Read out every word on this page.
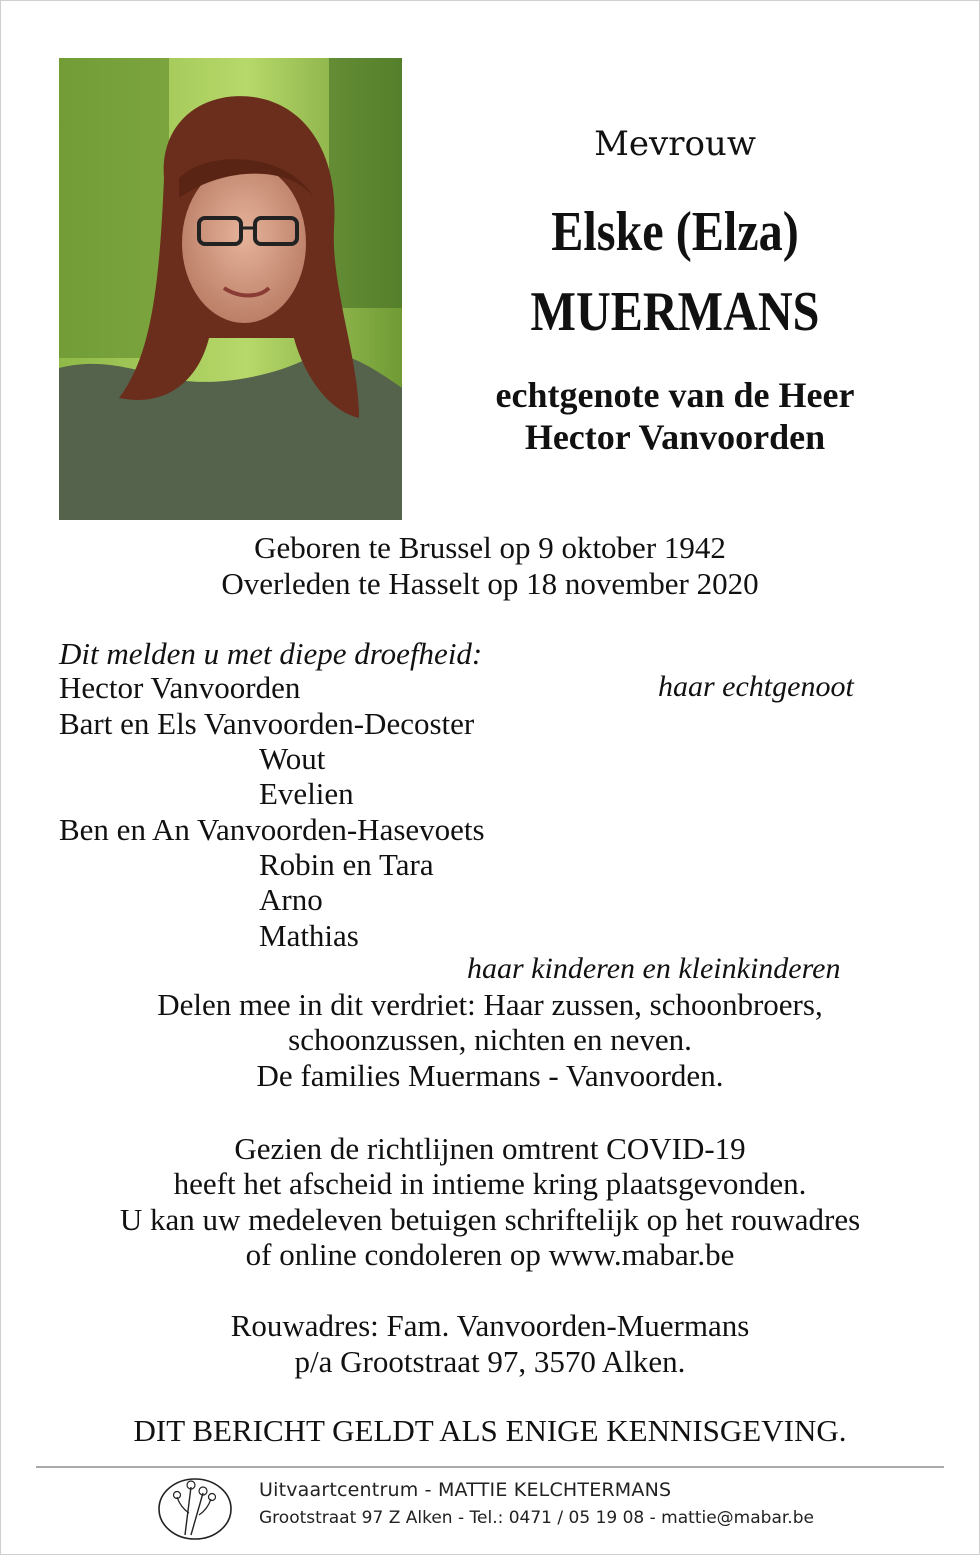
Mevrouw
Elske (Elza)
MUERMANS
echtgenote van de Heer
Hector Vanvoorden
Geboren te Brussel op 9 oktober 1942
Overleden te Hasselt op 18 november 2020
Dit melden u met diepe droefheid:
Hector Vanvoorden	haar echtgenoot
Bart en Els Vanvoorden-Decoster
Wout
Evelien
Ben en An Vanvoorden-Hasevoets
Robin en Tara
Arno
Mathias
haar kinderen en kleinkinderen
Delen mee in dit verdriet: Haar zussen, schoonbroers,
schoonzussen, nichten en neven.
De families Muermans - Vanvoorden.
Gezien de richtlijnen omtrent COVID-19
heeft het afscheid in intieme kring plaatsgevonden.
U kan uw medeleven betuigen schriftelijk op het rouwadres
of online condoleren op www.mabar.be
Rouwadres: Fam. Vanvoorden-Muermans
p/a Grootstraat 97, 3570 Alken.
DIT BERICHT GELDT ALS ENIGE KENNISGEVING.
Uitvaartcentrum - MATTIE KELCHTERMANS
Grootstraat 97 Z Alken - Tel.: 0471 / 05 19 08 - mattie@mabar.be
